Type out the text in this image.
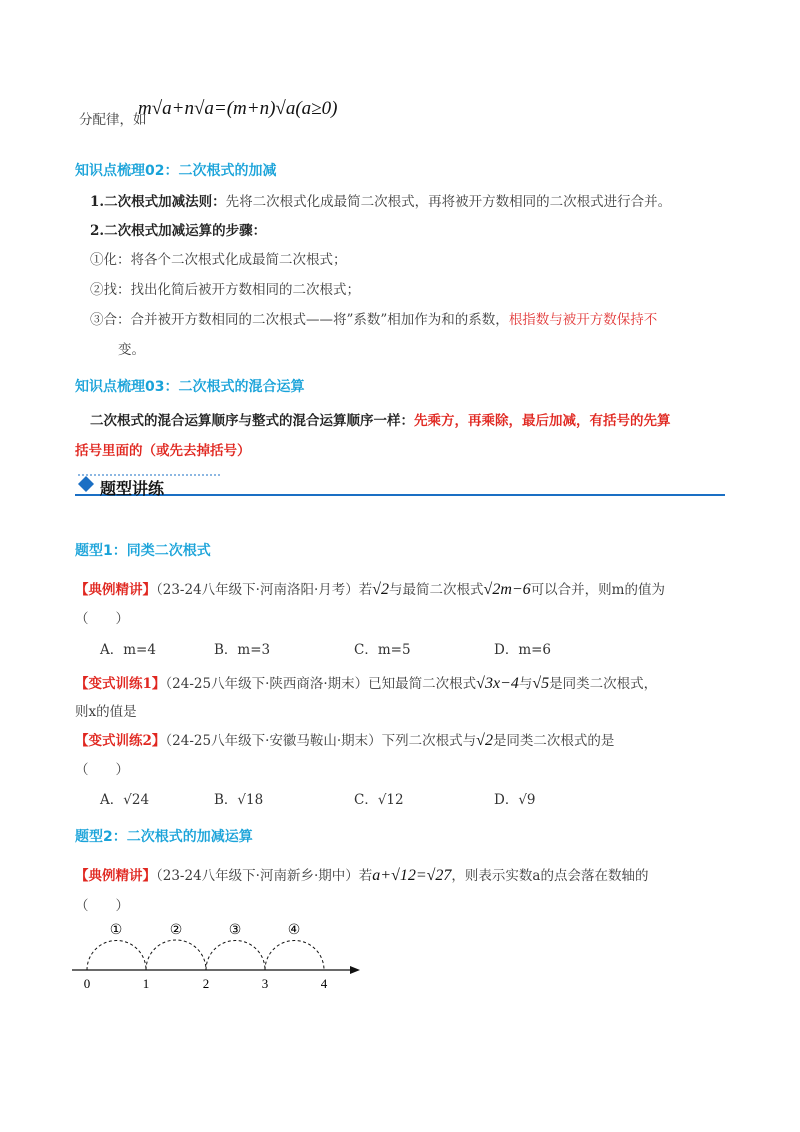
分配律，如
m√a+n√a=(m+n)√a(a≥0)
知识点梳理02：二次根式的加减
1.二次根式加减法则：先将二次根式化成最简二次根式，再将被开方数相同的二次根式进行合并。
2.二次根式加减运算的步骤：
①化：将各个二次根式化成最简二次根式；
②找：找出化简后被开方数相同的二次根式；
③合：合并被开方数相同的二次根式——将”系数”相加作为和的系数，根指数与被开方数保持不
变。
知识点梳理03：二次根式的混合运算
二次根式的混合运算顺序与整式的混合运算顺序一样：先乘方，再乘除，最后加减，有括号的先算
括号里面的（或先去掉括号）
题型讲练
题型1：同类二次根式
【典例精讲】（23-24八年级下·河南洛阳·月考）若√2与最简二次根式√2m−6可以合并，则m的值为
（　　）
A．m=4	B．m=3	C．m=5	D．m=6
【变式训练1】（24-25八年级下·陕西商洛·期末）已知最简二次根式√3x−4与√5是同类二次根式，
则x的值是
【变式训练2】（24-25八年级下·安徽马鞍山·期末）下列二次根式与√2是同类二次根式的是
（　　）
A．√24	B．√18	C．√12	D．√9
题型2：二次根式的加减运算
【典例精讲】（23-24八年级下·河南新乡·期中）若a+√12=√27，则表示实数a的点会落在数轴的
（　　）
0	1	2	3	4
①	②	③	④
